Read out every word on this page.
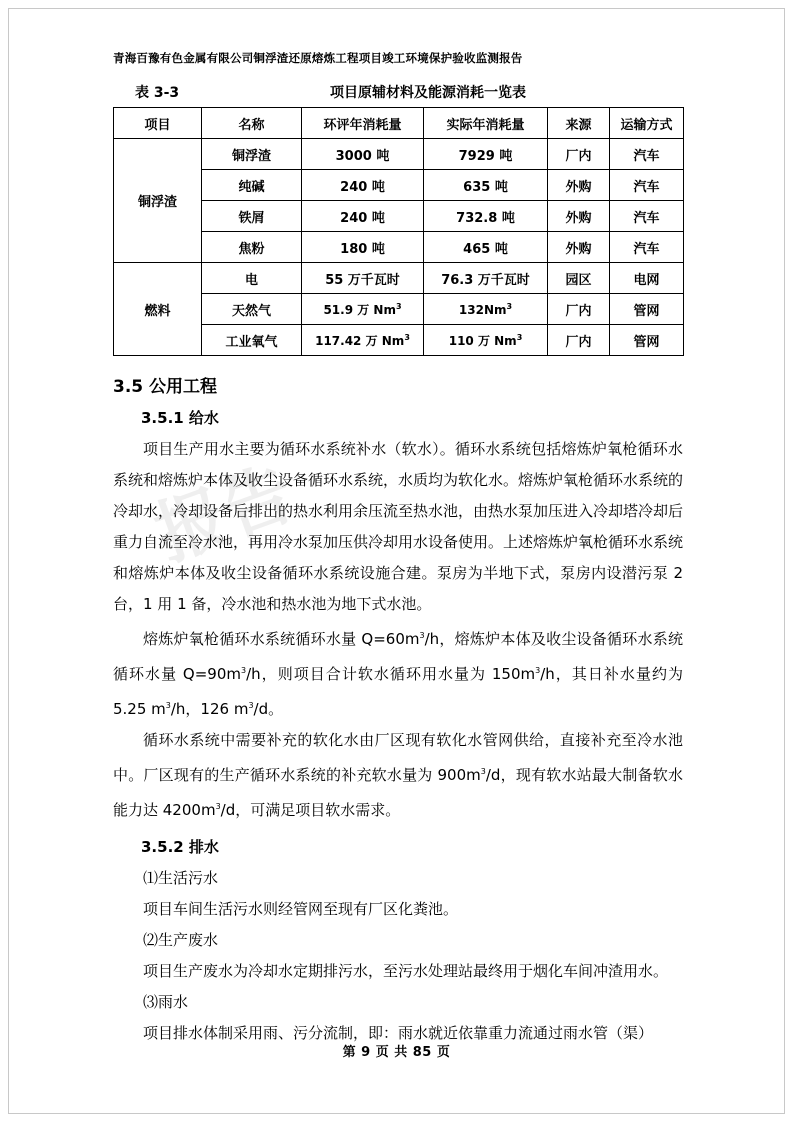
报告
青海百豫有色金属有限公司铜浮渣还原熔炼工程项目竣工环境保护验收监测报告
表 3-3	项目原辅材料及能源消耗一览表
项目	名称	环评年消耗量	实际年消耗量	来源	运输方式
铜浮渣	铜浮渣	3000 吨	7929 吨	厂内	汽车
	纯碱	240 吨	635 吨	外购	汽车
	铁屑	240 吨	732.8 吨	外购	汽车
	焦粉	180 吨	465 吨	外购	汽车
燃料	电	55 万千瓦时	76.3 万千瓦时	园区	电网
	天然气	51.9 万 Nm$^3$	132Nm$^3$	厂内	管网
	工业氧气	117.42 万 Nm$^3$	110 万 Nm$^3$	厂内	管网
3.5 公用工程
3.5.1 给水

项目生产用水主要为循环水系统补水（软水）。循环水系统包括熔炼炉氧枪循环水系统和熔炼炉本体及收尘设备循环水系统，水质均为软化水。熔炼炉氧枪循环水系统的冷却水，冷却设备后排出的热水利用余压流至热水池，由热水泵加压进入冷却塔冷却后重力自流至冷水池，再用冷水泵加压供冷却用水设备使用。上述熔炼炉氧枪循环水系统和熔炼炉本体及收尘设备循环水系统设施合建。泵房为半地下式，泵房内设潜污泵 2 台，1 用 1 备，冷水池和热水池为地下式水池。

熔炼炉氧枪循环水系统循环水量 $Q=60m^3/h$，熔炼炉本体及收尘设备循环水系统循环水量 $Q=90m^3/h$，则项目合计软水循环用水量为 $150m^3/h$，其日补水量约为 5.25 $m^3/h$，126 $m^3/d$。

循环水系统中需要补充的软化水由厂区现有软化水管网供给，直接补充至冷水池中。厂区现有的生产循环水系统的补充软水量为 $900m^3/d$，现有软水站最大制备软水能力达 $4200m^3/d$，可满足项目软水需求。

3.5.2 排水

⑴生活污水

项目车间生活污水则经管网至现有厂区化粪池。

⑵生产废水

项目生产废水为冷却水定期排污水，至污水处理站最终用于烟化车间冲渣用水。

⑶雨水

项目排水体制采用雨、污分流制，即：雨水就近依靠重力流通过雨水管（渠）

第 9 页 共 85 页
